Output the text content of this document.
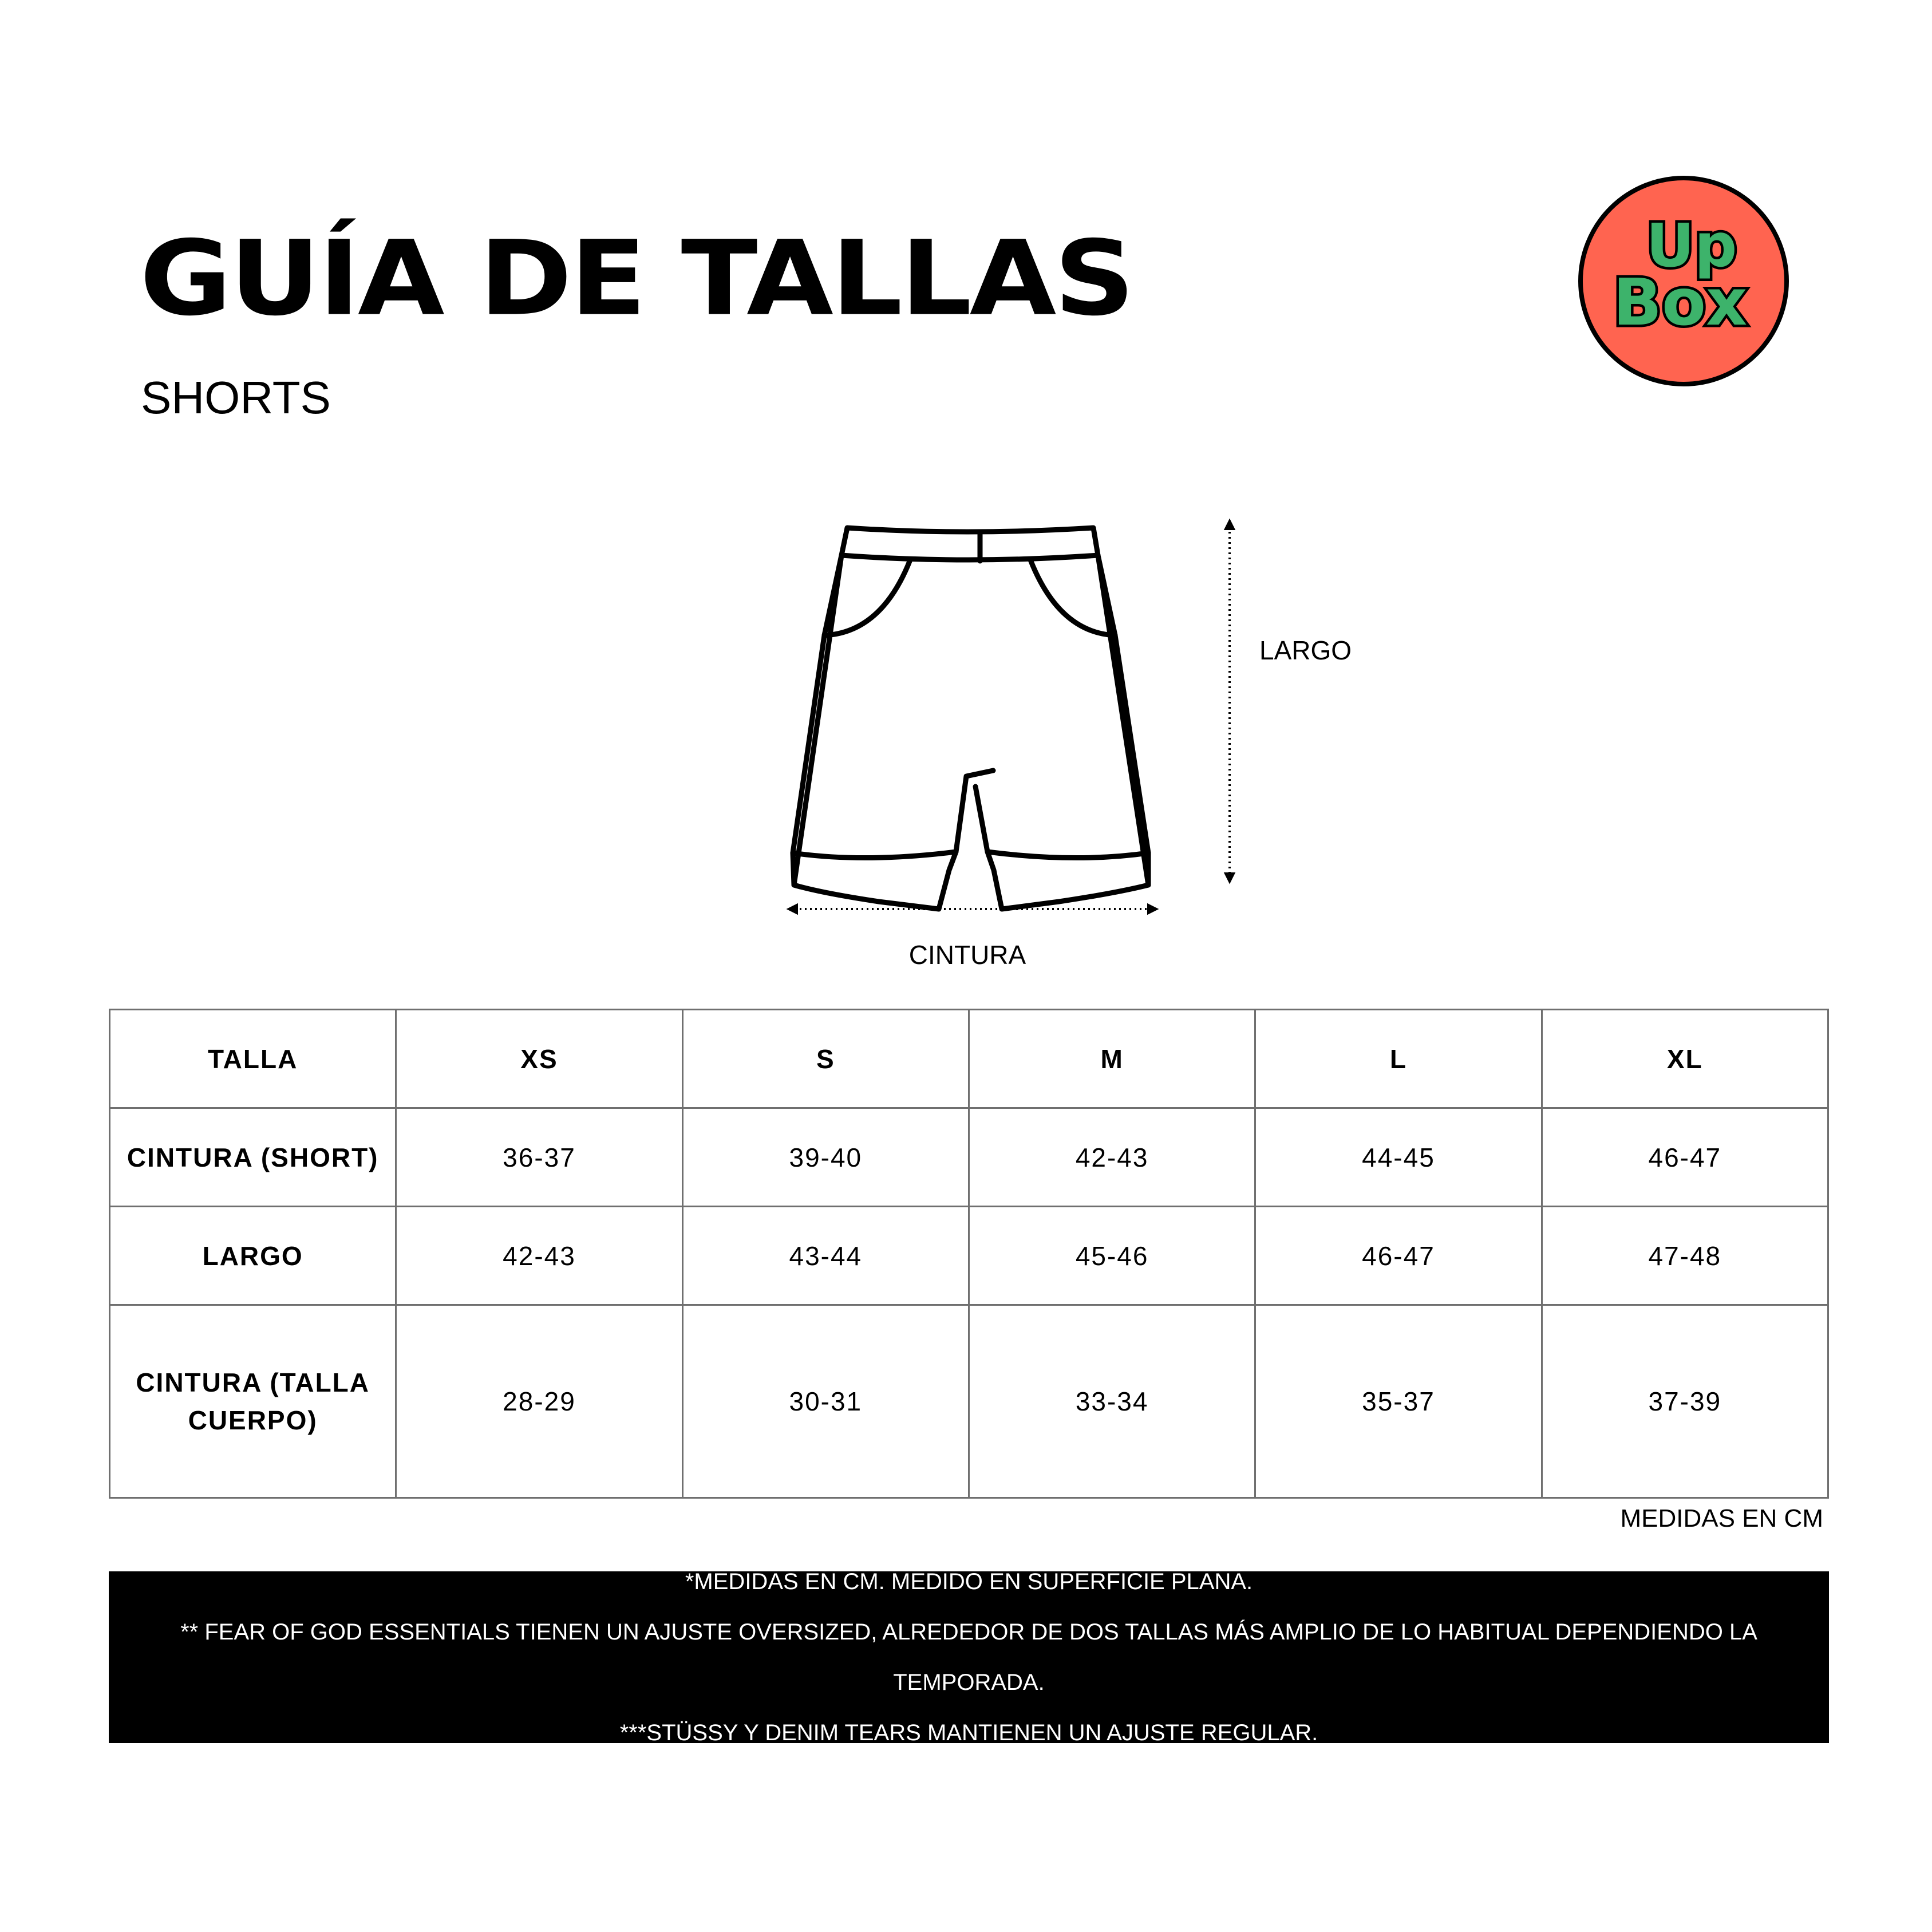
GUÍA DE TALLAS
SHORTS
Up
Box
LARGO
CINTURA
TALLA	XS	S	M	L	XL
CINTURA (SHORT)	36-37	39-40	42-43	44-45	46-47
LARGO	42-43	43-44	45-46	46-47	47-48
CINTURA (TALLA CUERPO)	28-29	30-31	33-34	35-37	37-39
MEDIDAS EN CM

*MEDIDAS EN CM. MEDIDO EN SUPERFICIE PLANA.

** FEAR OF GOD ESSENTIALS TIENEN UN AJUSTE OVERSIZED, ALREDEDOR DE DOS TALLAS MÁS AMPLIO DE LO HABITUAL DEPENDIENDO LA TEMPORADA.

***STÜSSY Y DENIM TEARS MANTIENEN UN AJUSTE REGULAR.
